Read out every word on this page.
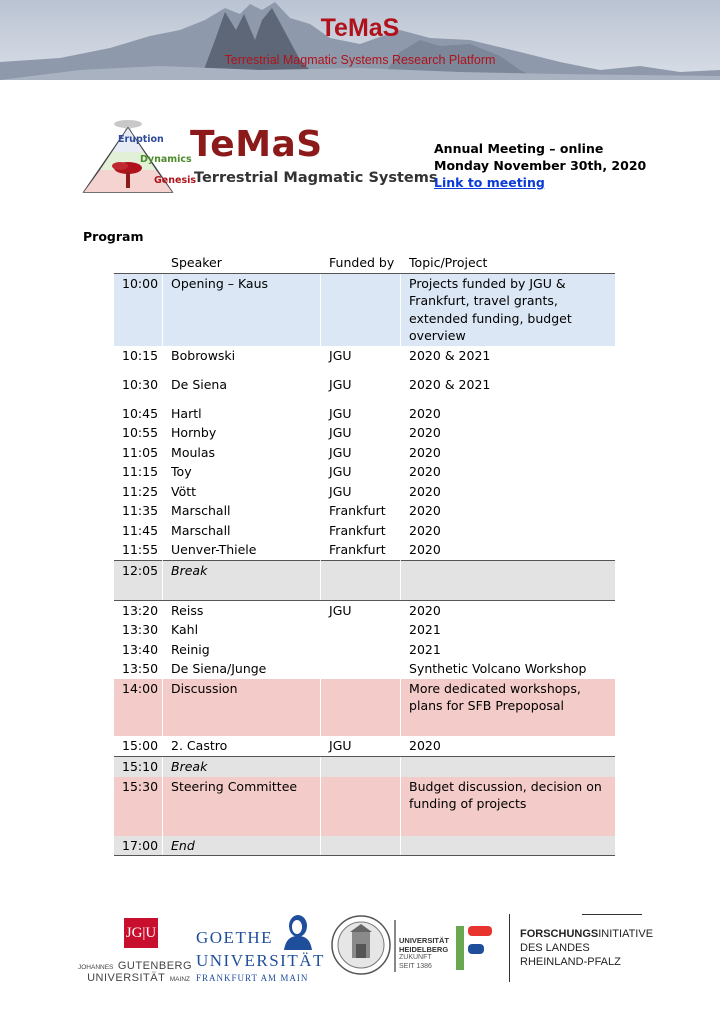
TeMaS
Terrestrial Magmatic Systems Research Platform
Eruption
Dynamics
Genesis
TeMaS
Terrestrial Magmatic Systems
Annual Meeting – online
Monday November 30th, 2020
Link to meeting
Program
	Speaker	Funded by	Topic/Project
10:00	Opening – Kaus		Projects funded by JGU & Frankfurt, travel grants, extended funding, budget overview
10:15	Bobrowski	JGU	2020 & 2021
10:30	De Siena	JGU	2020 & 2021
10:45	Hartl	JGU	2020
10:55	Hornby	JGU	2020
11:05	Moulas	JGU	2020
11:15	Toy	JGU	2020
11:25	Vött	JGU	2020
11:35	Marschall	Frankfurt	2020
11:45	Marschall	Frankfurt	2020
11:55	Uenver-Thiele	Frankfurt	2020
12:05	Break		
13:20	Reiss	JGU	2020
13:30	Kahl		2021
13:40	Reinig		2021
13:50	De Siena/Junge		Synthetic Volcano Workshop
14:00	Discussion		More dedicated workshops, plans for SFB Prepoposal
15:00	2. Castro	JGU	2020
15:10	Break		
15:30	Steering Committee		Budget discussion, decision on funding of projects
17:00	End		
JG|U
JOHANNES GUTENBERG
UNIVERSITÄT MAINZ
GOETHE
UNIVERSITÄT
FRANKFURT AM MAIN
UNIVERSITÄT
HEIDELBERG
ZUKUNFT
SEIT 1386
FORSCHUNGSINITIATIVE
DES LANDES
RHEINLAND-PFALZ
